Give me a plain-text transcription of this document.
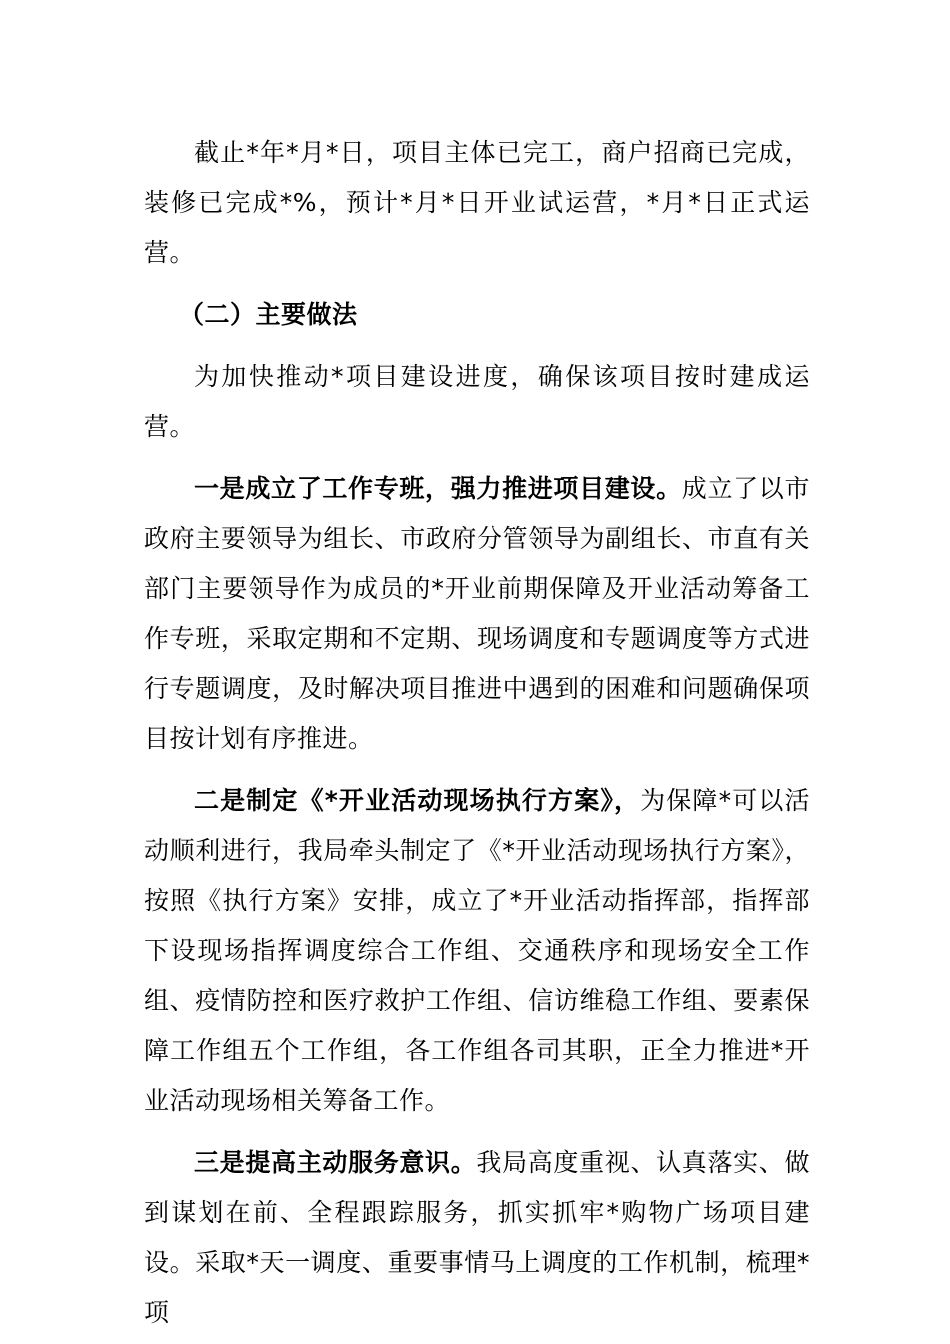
截止*年*月*日，项目主体已完工，商户招商已完成，装修已完成*%，预计*月*日开业试运营，*月*日正式运营。

（二）主要做法

为加快推动*项目建设进度，确保该项目按时建成运营。

一是成立了工作专班，强力推进项目建设。成立了以市政府主要领导为组长、市政府分管领导为副组长、市直有关部门主要领导作为成员的*开业前期保障及开业活动筹备工作专班，采取定期和不定期、现场调度和专题调度等方式进行专题调度，及时解决项目推进中遇到的困难和问题确保项目按计划有序推进。

二是制定《*开业活动现场执行方案》，为保障*可以活动顺利进行，我局牵头制定了《*开业活动现场执行方案》，按照《执行方案》安排，成立了*开业活动指挥部，指挥部下设现场指挥调度综合工作组、交通秩序和现场安全工作组、疫情防控和医疗救护工作组、信访维稳工作组、要素保障工作组五个工作组，各工作组各司其职，正全力推进*开业活动现场相关筹备工作。

三是提高主动服务意识。我局高度重视、认真落实、做到谋划在前、全程跟踪服务，抓实抓牢*购物广场项目建设。采取*天一调度、重要事情马上调度的工作机制，梳理*项
